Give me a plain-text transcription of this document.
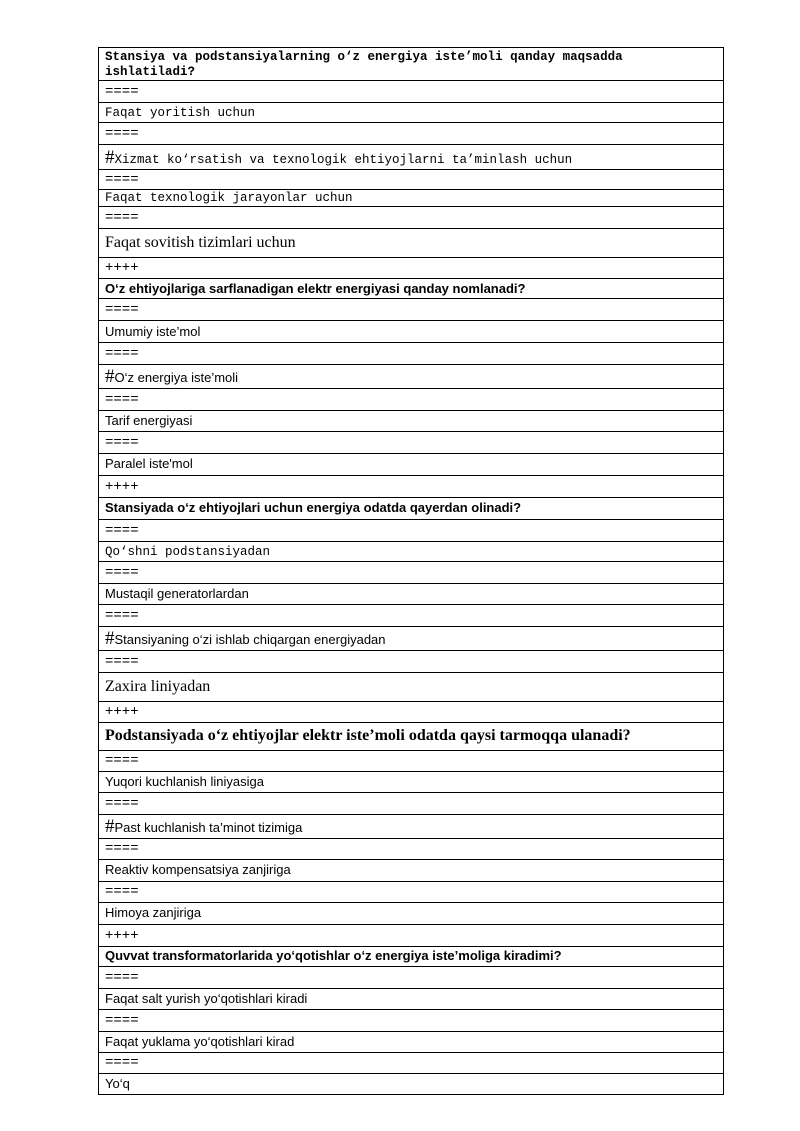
Stansiya va podstansiyalarning o‘z energiya iste’moli qanday maqsadda ishlatiladi?
====
Faqat yoritish uchun
====
#Xizmat ko‘rsatish va texnologik ehtiyojlarni ta’minlash uchun
====
Faqat texnologik jarayonlar uchun
====
Faqat sovitish tizimlari uchun
++++
O‘z ehtiyojlariga sarflanadigan elektr energiyasi qanday nomlanadi?
====
Umumiy iste’mol
====
#O‘z energiya iste’moli
====
Tarif energiyasi
====
Paralel iste'mol
++++
Stansiyada o‘z ehtiyojlari uchun energiya odatda qayerdan olinadi?
====
Qo‘shni podstansiyadan
====
Mustaqil generatorlardan
====
#Stansiyaning o‘zi ishlab chiqargan energiyadan
====
Zaxira liniyadan
++++
Podstansiyada o‘z ehtiyojlar elektr iste’moli odatda qaysi tarmoqqa ulanadi?
====
Yuqori kuchlanish liniyasiga
====
#Past kuchlanish ta’minot tizimiga
====
Reaktiv kompensatsiya zanjiriga
====
Himoya zanjiriga
++++
Quvvat transformatorlarida yo‘qotishlar o‘z energiya iste’moliga kiradimi?
====
Faqat salt yurish yo‘qotishlari kiradi
====
Faqat yuklama yo‘qotishlari kirad
====
Yo‘q
